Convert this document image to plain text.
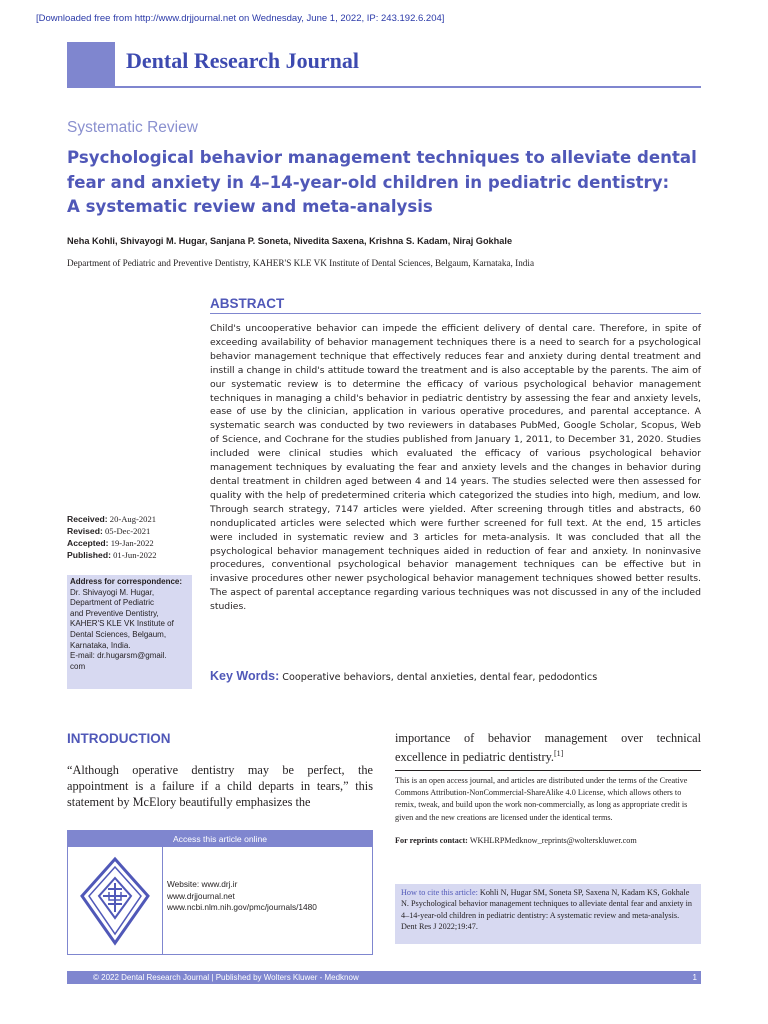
[Downloaded free from http://www.drjjournal.net on Wednesday, June 1, 2022, IP: 243.192.6.204]
Dental Research Journal
Systematic Review
Psychological behavior management techniques to alleviate dental
fear and anxiety in 4–14-year-old children in pediatric dentistry:
A systematic review and meta-analysis
Neha Kohli, Shivayogi M. Hugar, Sanjana P. Soneta, Nivedita Saxena, Krishna S. Kadam, Niraj Gokhale
Department of Pediatric and Preventive Dentistry, KAHER'S KLE VK Institute of Dental Sciences, Belgaum, Karnataka, India
ABSTRACT

Child's uncooperative behavior can impede the efficient delivery of dental care. Therefore, in spite of exceeding availability of behavior management techniques there is a need to search for a psychological behavior management technique that effectively reduces fear and anxiety during dental treatment and instill a change in child's attitude toward the treatment and is also acceptable by the parents. The aim of our systematic review is to determine the efficacy of various psychological behavior management techniques in managing a child's behavior in pediatric dentistry by assessing the fear and anxiety levels, ease of use by the clinician, application in various operative procedures, and parental acceptance. A systematic search was conducted by two reviewers in databases PubMed, Google Scholar, Scopus, Web of Science, and Cochrane for the studies published from January 1, 2011, to December 31, 2020. Studies included were clinical studies which evaluated the efficacy of various psychological behavior management techniques by evaluating the fear and anxiety levels and the changes in behavior during dental treatment in children aged between 4 and 14 years. The studies selected were then assessed for quality with the help of predetermined criteria which categorized the studies into high, medium, and low. Through search strategy, 7147 articles were yielded. After screening through titles and abstracts, 60 nonduplicated articles were selected which were further screened for full text. At the end, 15 articles were included in systematic review and 3 articles for meta-analysis. It was concluded that all the psychological behavior management techniques aided in reduction of fear and anxiety. In noninvasive procedures, conventional psychological behavior management techniques can be effective but in invasive procedures other newer psychological behavior management techniques showed better results. The aspect of parental acceptance regarding various techniques was not discussed in any of the included studies.

Key Words: Cooperative behaviors, dental anxieties, dental fear, pedodontics
Received: 20-Aug-2021
Revised: 05-Dec-2021
Accepted: 19-Jan-2022
Published: 01-Jun-2022
Address for correspondence:
Dr. Shivayogi M. Hugar,
Department of Pediatric
and Preventive Dentistry,
KAHER'S KLE VK Institute of
Dental Sciences, Belgaum,
Karnataka, India.
E-mail: dr.hugarsm@gmail.
com
INTRODUCTION
“Although operative dentistry may be perfect, the appointment is a failure if a child departs in tears,” this statement by McElory beautifully emphasizes the
importance of behavior management over technical excellence in pediatric dentistry.[1]
This is an open access journal, and articles are distributed under the terms of the Creative Commons Attribution-NonCommercial-ShareAlike 4.0 License, which allows others to remix, tweak, and build upon the work non-commercially, as long as appropriate credit is given and the new creations are licensed under the identical terms.
For reprints contact: WKHLRPMedknow_reprints@wolterskluwer.com
How to cite this article: Kohli N, Hugar SM, Soneta SP, Saxena N, Kadam KS, Gokhale N. Psychological behavior management techniques to alleviate dental fear and anxiety in 4–14-year-old children in pediatric dentistry: A systematic review and meta-analysis. Dent Res J 2022;19:47.
Access this article online
Website: www.drj.ir
www.drjjournal.net
www.ncbi.nlm.nih.gov/pmc/journals/1480
© 2022 Dental Research Journal | Published by Wolters Kluwer - Medknow	1
